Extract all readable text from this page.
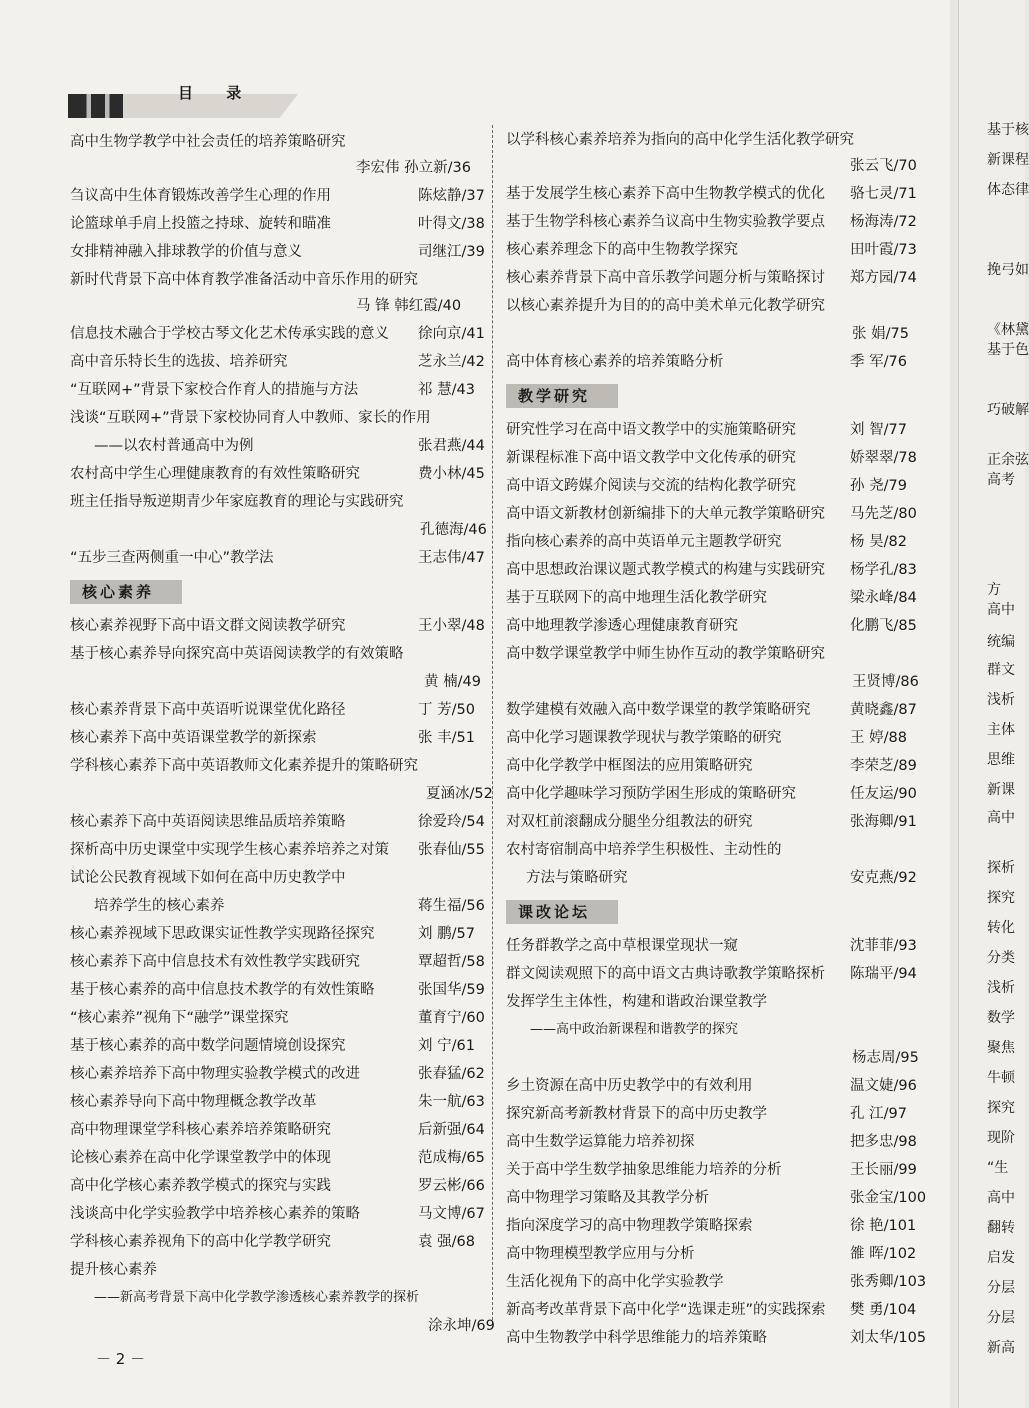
目 录
高中生物学教学中社会责任的培养策略研究
李宏伟 孙立新/36
刍议高中生体育锻炼改善学生心理的作用	陈炫静/37
论篮球单手肩上投篮之持球、旋转和瞄准	叶得文/38
女排精神融入排球教学的价值与意义	司继江/39
新时代背景下高中体育教学准备活动中音乐作用的研究
马 锋 韩红霞/40
信息技术融合于学校古琴文化艺术传承实践的意义 徐向京/41
高中音乐特长生的选拔、培养研究	芝永兰/42
“互联网+”背景下家校合作育人的措施与方法	祁 慧/43
浅谈“互联网+”背景下家校协同育人中教师、家长的作用
——以农村普通高中为例	张君燕/44
农村高中学生心理健康教育的有效性策略研究	费小林/45
班主任指导叛逆期青少年家庭教育的理论与实践研究
孔德海/46
“五步三查两侧重一中心”教学法	王志伟/47
核心素养
核心素养视野下高中语文群文阅读教学研究	王小翠/48
基于核心素养导向探究高中英语阅读教学的有效策略
黄 楠/49
核心素养背景下高中英语听说课堂优化路径	丁 芳/50
核心素养下高中英语课堂教学的新探索	张 丰/51
学科核心素养下高中英语教师文化素养提升的策略研究
夏涵冰/52
核心素养下高中英语阅读思维品质培养策略	徐爱玲/54
探析高中历史课堂中实现学生核心素养培养之对策 张春仙/55
试论公民教育视域下如何在高中历史教学中
培养学生的核心素养	蒋生福/56
核心素养视域下思政课实证性教学实现路径探究	刘 鹏/57
核心素养下高中信息技术有效性教学实践研究	覃超哲/58
基于核心素养的高中信息技术教学的有效性策略	张国华/59
“核心素养”视角下“融学”课堂探究	董育宁/60
基于核心素养的高中数学问题情境创设探究	刘 宁/61
核心素养培养下高中物理实验教学模式的改进	张春猛/62
核心素养导向下高中物理概念教学改革	朱一航/63
高中物理课堂学科核心素养培养策略研究	后新强/64
论核心素养在高中化学课堂教学中的体现	范成梅/65
高中化学核心素养教学模式的探究与实践	罗云彬/66
浅谈高中化学实验教学中培养核心素养的策略	马文博/67
学科核心素养视角下的高中化学教学研究	袁 强/68
提升核心素养
——新高考背景下高中化学教学渗透核心素养教学的探析
涂永坤/69
以学科核心素养培养为指向的高中化学生活化教学研究
张云飞/70
基于发展学生核心素养下高中生物教学模式的优化 骆七灵/71
基于生物学科核心素养刍议高中生物实验教学要点 杨海涛/72
核心素养理念下的高中生物教学探究	田叶霞/73
核心素养背景下高中音乐教学问题分析与策略探讨 郑方园/74
以核心素养提升为目的的高中美术单元化教学研究
张 娟/75
高中体育核心素养的培养策略分析	季 军/76
教学研究
研究性学习在高中语文教学中的实施策略研究	刘 智/77
新课程标准下高中语文教学中文化传承的研究	娇翠翠/78
高中语文跨媒介阅读与交流的结构化教学研究	孙 尧/79
高中语文新教材创新编排下的大单元教学策略研究 马先芝/80
指向核心素养的高中英语单元主题教学研究	杨 昊/82
高中思想政治课议题式教学模式的构建与实践研究 杨学孔/83
基于互联网下的高中地理生活化教学研究	梁永峰/84
高中地理教学渗透心理健康教育研究	化鹏飞/85
高中数学课堂教学中师生协作互动的教学策略研究
王贤博/86
数学建模有效融入高中数学课堂的教学策略研究	黄晓鑫/87
高中化学习题课教学现状与教学策略的研究	王 婷/88
高中化学教学中框图法的应用策略研究	李荣芝/89
高中化学趣味学习预防学困生形成的策略研究	任友运/90
对双杠前滚翻成分腿坐分组教法的研究	张海卿/91
农村寄宿制高中培养学生积极性、主动性的
方法与策略研究	安克燕/92
课改论坛
任务群教学之高中草根课堂现状一窥	沈菲菲/93
群文阅读观照下的高中语文古典诗歌教学策略探析 陈瑞平/94
发挥学生主体性，构建和谐政治课堂教学
——高中政治新课程和谐教学的探究
杨志周/95
乡土资源在高中历史教学中的有效利用	温文婕/96
探究新高考新教材背景下的高中历史教学	孔 江/97
高中生数学运算能力培养初探	把多忠/98
关于高中学生数学抽象思维能力培养的分析	王长丽/99
高中物理学习策略及其教学分析	张金宝/100
指向深度学习的高中物理教学策略探索	徐 艳/101
高中物理模型教学应用与分析	雒 晖/102
生活化视角下的高中化学实验教学	张秀卿/103
新高考改革背景下高中化学“选课走班”的实践探索 樊 勇/104
高中生物教学中科学思维能力的培养策略	刘太华/105
－ 2 －
基于核
新课程
体态律
挽弓如
《林黛
基于色
巧破解
正余弦
高考
方
高中
统编
群文
浅析
主体
思维
新课
高中
探析
探究
转化
分类
浅析
数学
聚焦
牛顿
探究
现阶
“生
高中
翻转
启发
分层
分层
新高
